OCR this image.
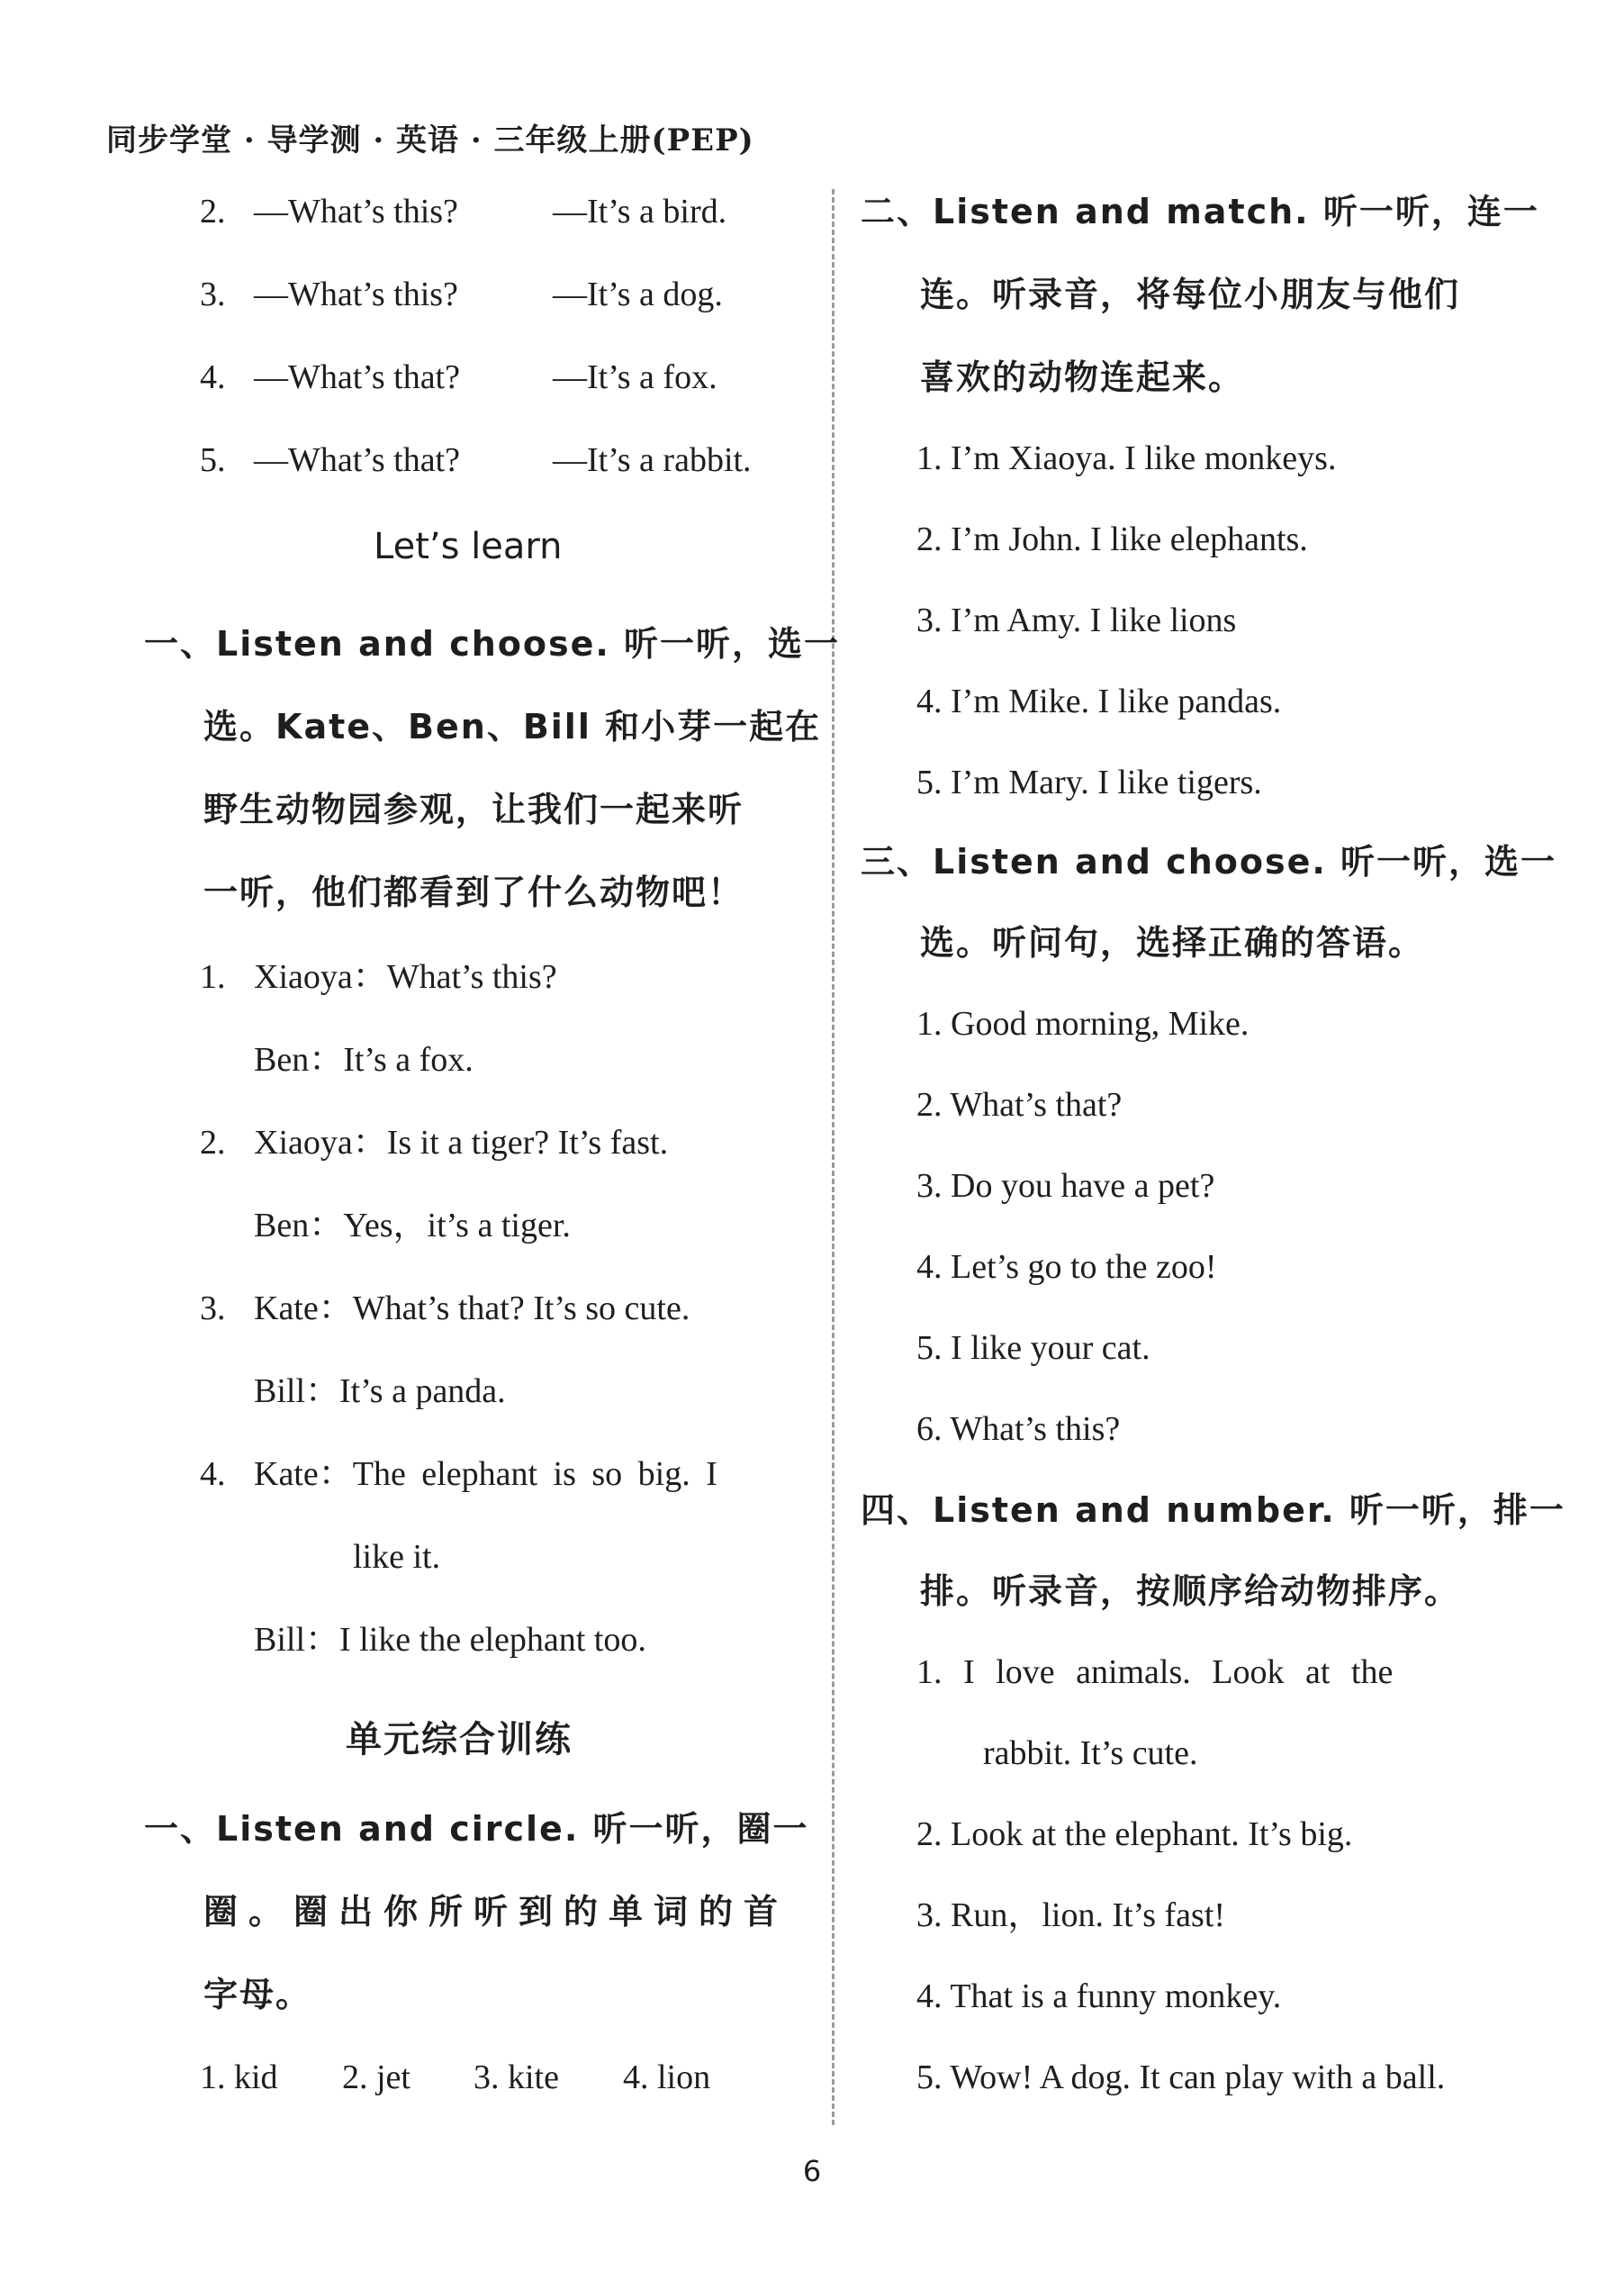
同步学堂 · 导学测 · 英语 · 三年级上册(PEP)
2. —What’s this?	—It’s a bird.
3. —What’s this?	—It’s a dog.
4. —What’s that?	—It’s a fox.
5. —What’s that?	—It’s a rabbit.
Let’s learn
一、Listen and choose. 听一听，选一
选。Kate、Ben、Bill 和小芽一起在
野生动物园参观，让我们一起来听
一听，他们都看到了什么动物吧！
1. Xiaoya：What’s this?
Ben：It’s a fox.
2. Xiaoya：Is it a tiger? It’s fast.
Ben：Yes，it’s a tiger.
3. Kate：What’s that? It’s so cute.
Bill：It’s a panda.
4. Kate：The elephant is so big. I
like it.
Bill：I like the elephant too.
单元综合训练
一、Listen and circle. 听一听，圈一
圈。圈出你所听到的单词的首
字母。
1. kid 2. jet 3. kite 4. lion
二、Listen and match. 听一听，连一
连。听录音，将每位小朋友与他们
喜欢的动物连起来。
1. I’m Xiaoya. I like monkeys.
2. I’m John. I like elephants.
3. I’m Amy. I like lions
4. I’m Mike. I like pandas.
5. I’m Mary. I like tigers.
三、Listen and choose. 听一听，选一
选。听问句，选择正确的答语。
1. Good morning, Mike.
2. What’s that?
3. Do you have a pet?
4. Let’s go to the zoo!
5. I like your cat.
6. What’s this?
四、Listen and number. 听一听，排一
排。听录音，按顺序给动物排序。
1. I love animals. Look at the
rabbit. It’s cute.
2. Look at the elephant. It’s big.
3. Run，lion. It’s fast!
4. That is a funny monkey.
5. Wow! A dog. It can play with a ball.
6
